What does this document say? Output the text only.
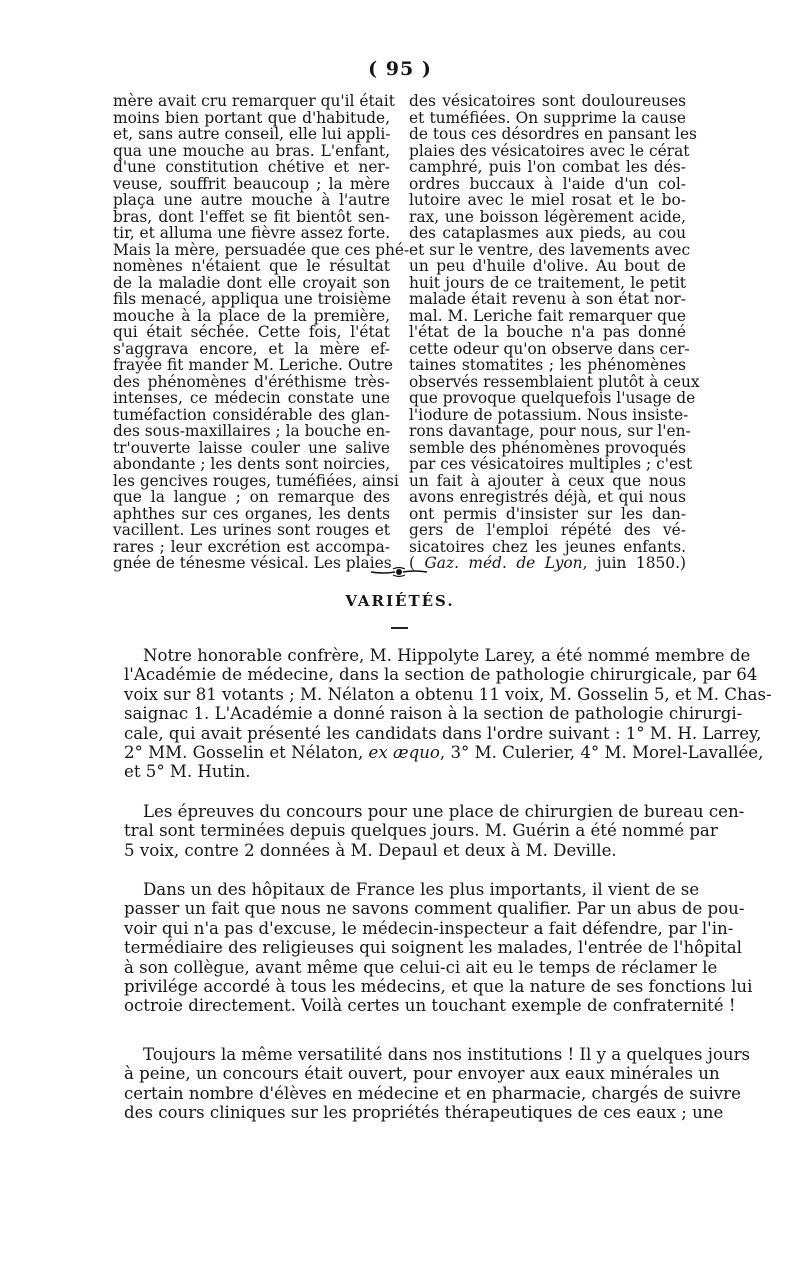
( 95 )
mère avait cru remarquer qu'il était
moins bien portant que d'habitude,
et, sans autre conseil, elle lui appli-
qua une mouche au bras. L'enfant,
d'une constitution chétive et ner-
veuse, souffrit beaucoup ; la mère
plaça une autre mouche à l'autre
bras, dont l'effet se fit bientôt sen-
tir, et alluma une fièvre assez forte.
Mais la mère, persuadée que ces phé-
nomènes n'étaient que le résultat
de la maladie dont elle croyait son
fils menacé, appliqua une troisième
mouche à la place de la première,
qui était séchée. Cette fois, l'état
s'aggrava encore, et la mère ef-
frayée fit mander M. Leriche. Outre
des phénomènes d'éréthisme très-
intenses, ce médecin constate une
tuméfaction considérable des glan-
des sous-maxillaires ; la bouche en-
tr'ouverte laisse couler une salive
abondante ; les dents sont noircies,
les gencives rouges, tuméfiées, ainsi
que la langue ; on remarque des
aphthes sur ces organes, les dents
vacillent. Les urines sont rouges et
rares ; leur excrétion est accompa-
gnée de ténesme vésical. Les plaies
des vésicatoires sont douloureuses
et tuméfiées. On supprime la cause
de tous ces désordres en pansant les
plaies des vésicatoires avec le cérat
camphré, puis l'on combat les dés-
ordres buccaux à l'aide d'un col-
lutoire avec le miel rosat et le bo-
rax, une boisson légèrement acide,
des cataplasmes aux pieds, au cou
et sur le ventre, des lavements avec
un peu d'huile d'olive. Au bout de
huit jours de ce traitement, le petit
malade était revenu à son état nor-
mal. M. Leriche fait remarquer que
l'état de la bouche n'a pas donné
cette odeur qu'on observe dans cer-
taines stomatites ; les phénomènes
observés ressemblaient plutôt à ceux
que provoque quelquefois l'usage de
l'iodure de potassium. Nous insiste-
rons davantage, pour nous, sur l'en-
semble des phénomènes provoqués
par ces vésicatoires multiples ; c'est
un fait à ajouter à ceux que nous
avons enregistrés déjà, et qui nous
ont permis d'insister sur les dan-
gers de l'emploi répété des vé-
sicatoires chez les jeunes enfants.
( Gaz. méd. de Lyon, juin 1850.)
VARIÉTÉS.
Notre honorable confrère, M. Hippolyte Larey, a été nommé membre de
l'Académie de médecine, dans la section de pathologie chirurgicale, par 64
voix sur 81 votants ; M. Nélaton a obtenu 11 voix, M. Gosselin 5, et M. Chas-
saignac 1. L'Académie a donné raison à la section de pathologie chirurgi-
cale, qui avait présenté les candidats dans l'ordre suivant : 1° M. H. Larrey,
2° MM. Gosselin et Nélaton, ex æquo, 3° M. Culerier, 4° M. Morel-Lavallée,
et 5° M. Hutin.
Les épreuves du concours pour une place de chirurgien de bureau cen-
tral sont terminées depuis quelques jours. M. Guérin a été nommé par
5 voix, contre 2 données à M. Depaul et deux à M. Deville.
Dans un des hôpitaux de France les plus importants, il vient de se
passer un fait que nous ne savons comment qualifier. Par un abus de pou-
voir qui n'a pas d'excuse, le médecin-inspecteur a fait défendre, par l'in-
termédiaire des religieuses qui soignent les malades, l'entrée de l'hôpital
à son collègue, avant même que celui-ci ait eu le temps de réclamer le
privilége accordé à tous les médecins, et que la nature de ses fonctions lui
octroie directement. Voilà certes un touchant exemple de confraternité !
Toujours la même versatilité dans nos institutions ! Il y a quelques jours
à peine, un concours était ouvert, pour envoyer aux eaux minérales un
certain nombre d'élèves en médecine et en pharmacie, chargés de suivre
des cours cliniques sur les propriétés thérapeutiques de ces eaux ; une
